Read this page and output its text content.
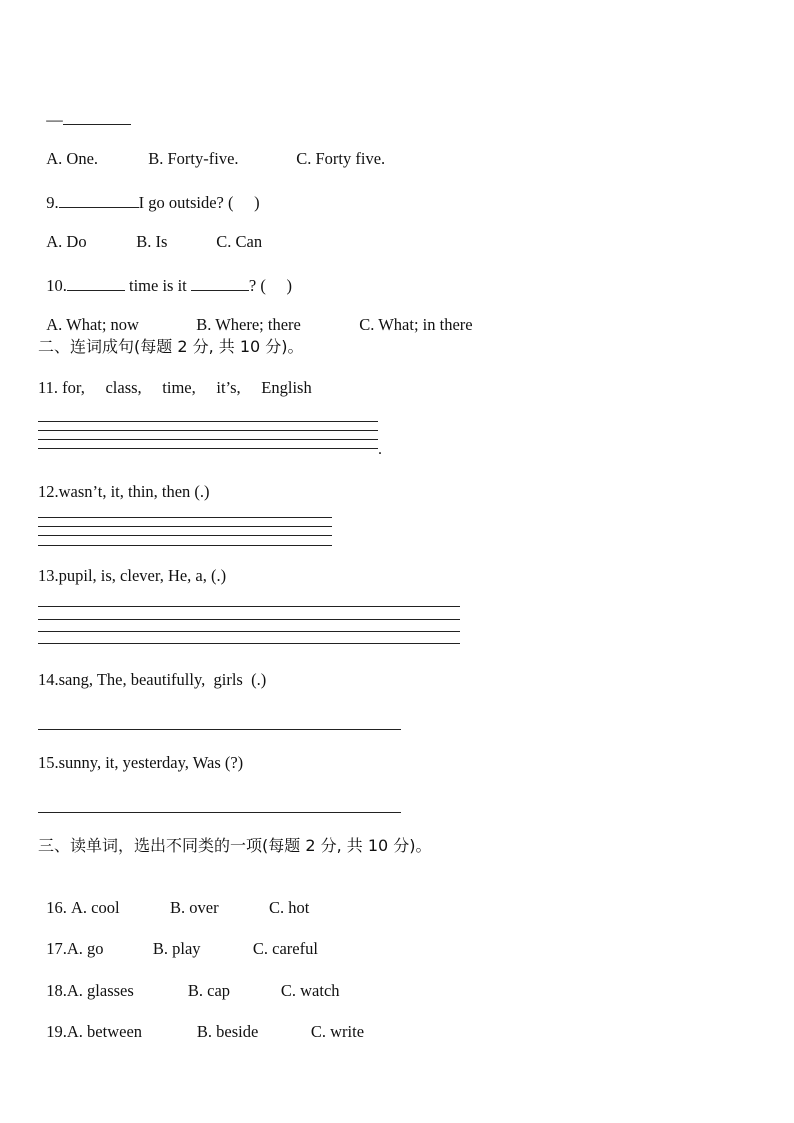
—

A. One.	B. Forty-five.	C. Forty five.

9.	I go outside? (     )

A. Do	B. Is	C. Can

10.	time is it	? (     )

A. What; now	B. Where; there	C. What; in there

二、连词成句(每题 2 分, 共 10 分)。
11. for,     class,     time,     it’s,     English
.
12.wasn’t, it, thin, then (.)
13.pupil, is, clever, He, a, (.)
14.sang, The, beautifully,  girls  (.)
15.sunny, it, yesterday, Was (?)
三、读单词，选出不同类的一项(每题 2 分, 共 10 分)。

16. A. cool	B. over	C. hot

17.A. go	B. play	C. careful

18.A. glasses	B. cap	C. watch

19.A. between	B. beside	C. write
